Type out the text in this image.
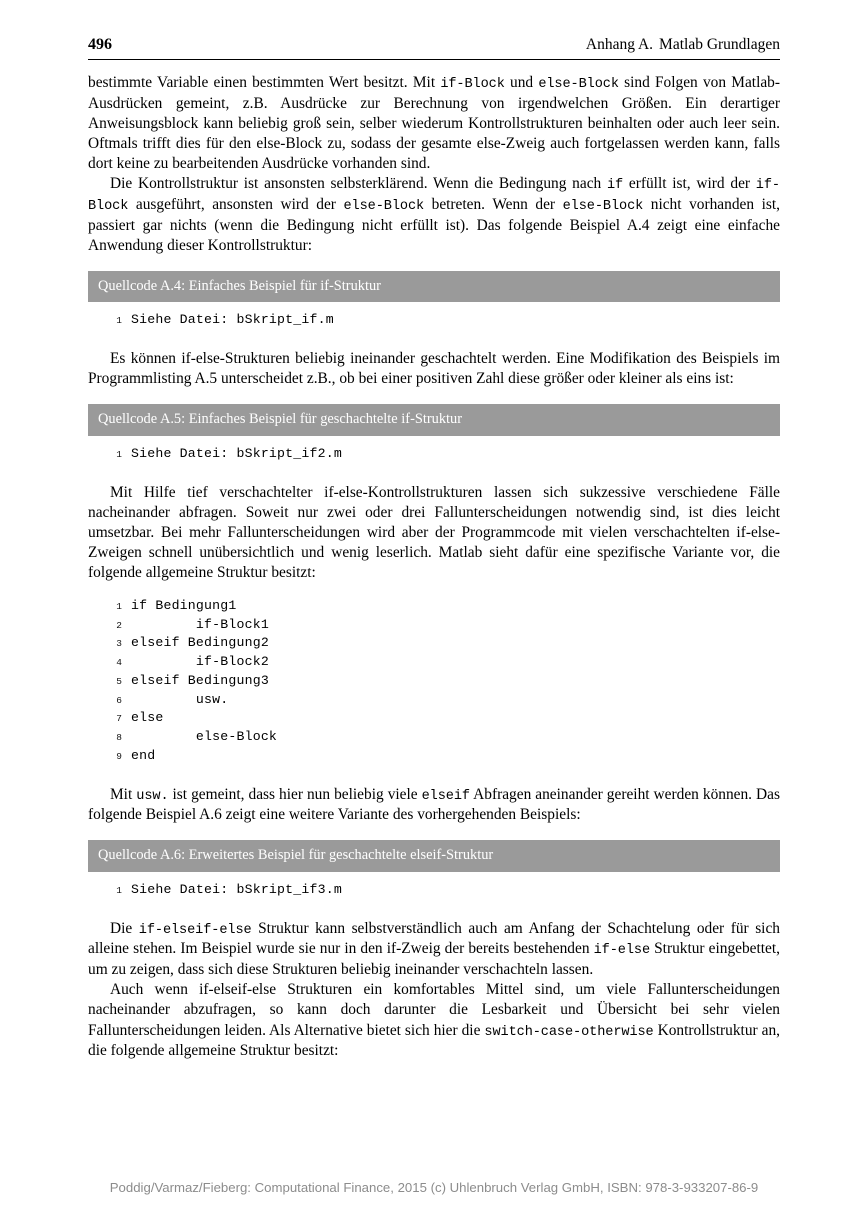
496	Anhang A. Matlab Grundlagen

bestimmte Variable einen bestimmten Wert besitzt. Mit if-Block und else-Block sind Folgen von Matlab-Ausdrücken gemeint, z.B. Ausdrücke zur Berechnung von irgendwelchen Größen. Ein derartiger Anweisungsblock kann beliebig groß sein, selber wiederum Kontrollstrukturen beinhalten oder auch leer sein. Oftmals trifft dies für den else-Block zu, sodass der gesamte else-Zweig auch fortgelassen werden kann, falls dort keine zu bearbeitenden Ausdrücke vorhanden sind.

Die Kontrollstruktur ist ansonsten selbsterklärend. Wenn die Bedingung nach if erfüllt ist, wird der if-Block ausgeführt, ansonsten wird der else-Block betreten. Wenn der else-Block nicht vorhanden ist, passiert gar nichts (wenn die Bedingung nicht erfüllt ist). Das folgende Beispiel A.4 zeigt eine einfache Anwendung dieser Kontrollstruktur:

Quellcode A.4: Einfaches Beispiel für if-Struktur
1 Siehe Datei: bSkript_if.m

Es können if-else-Strukturen beliebig ineinander geschachtelt werden. Eine Modifikation des Beispiels im Programmlisting A.5 unterscheidet z.B., ob bei einer positiven Zahl diese größer oder kleiner als eins ist:

Quellcode A.5: Einfaches Beispiel für geschachtelte if-Struktur
1 Siehe Datei: bSkript_if2.m

Mit Hilfe tief verschachtelter if-else-Kontrollstrukturen lassen sich sukzessive verschiedene Fälle nacheinander abfragen. Soweit nur zwei oder drei Fallunterscheidungen notwendig sind, ist dies leicht umsetzbar. Bei mehr Fallunterscheidungen wird aber der Programmcode mit vielen verschachtelten if-else-Zweigen schnell unübersichtlich und wenig leserlich. Matlab sieht dafür eine spezifische Variante vor, die folgende allgemeine Struktur besitzt:

1 if Bedingung1
2 if-Block1
3 elseif Bedingung2
4 if-Block2
5 elseif Bedingung3
6 usw.
7 else
8 else-Block
9 end

Mit usw. ist gemeint, dass hier nun beliebig viele elseif Abfragen aneinander gereiht werden können. Das folgende Beispiel A.6 zeigt eine weitere Variante des vorhergehenden Beispiels:

Quellcode A.6: Erweitertes Beispiel für geschachtelte elseif-Struktur
1 Siehe Datei: bSkript_if3.m

Die if-elseif-else Struktur kann selbstverständlich auch am Anfang der Schachtelung oder für sich alleine stehen. Im Beispiel wurde sie nur in den if-Zweig der bereits bestehenden if-else Struktur eingebettet, um zu zeigen, dass sich diese Strukturen beliebig ineinander verschachteln lassen.

Auch wenn if-elseif-else Strukturen ein komfortables Mittel sind, um viele Fallunterscheidungen nacheinander abzufragen, so kann doch darunter die Lesbarkeit und Übersicht bei sehr vielen Fallunterscheidungen leiden. Als Alternative bietet sich hier die switch-case-otherwise Kontrollstruktur an, die folgende allgemeine Struktur besitzt:

Poddig/Varmaz/Fieberg: Computational Finance, 2015 (c) Uhlenbruch Verlag GmbH, ISBN: 978-3-933207-86-9
